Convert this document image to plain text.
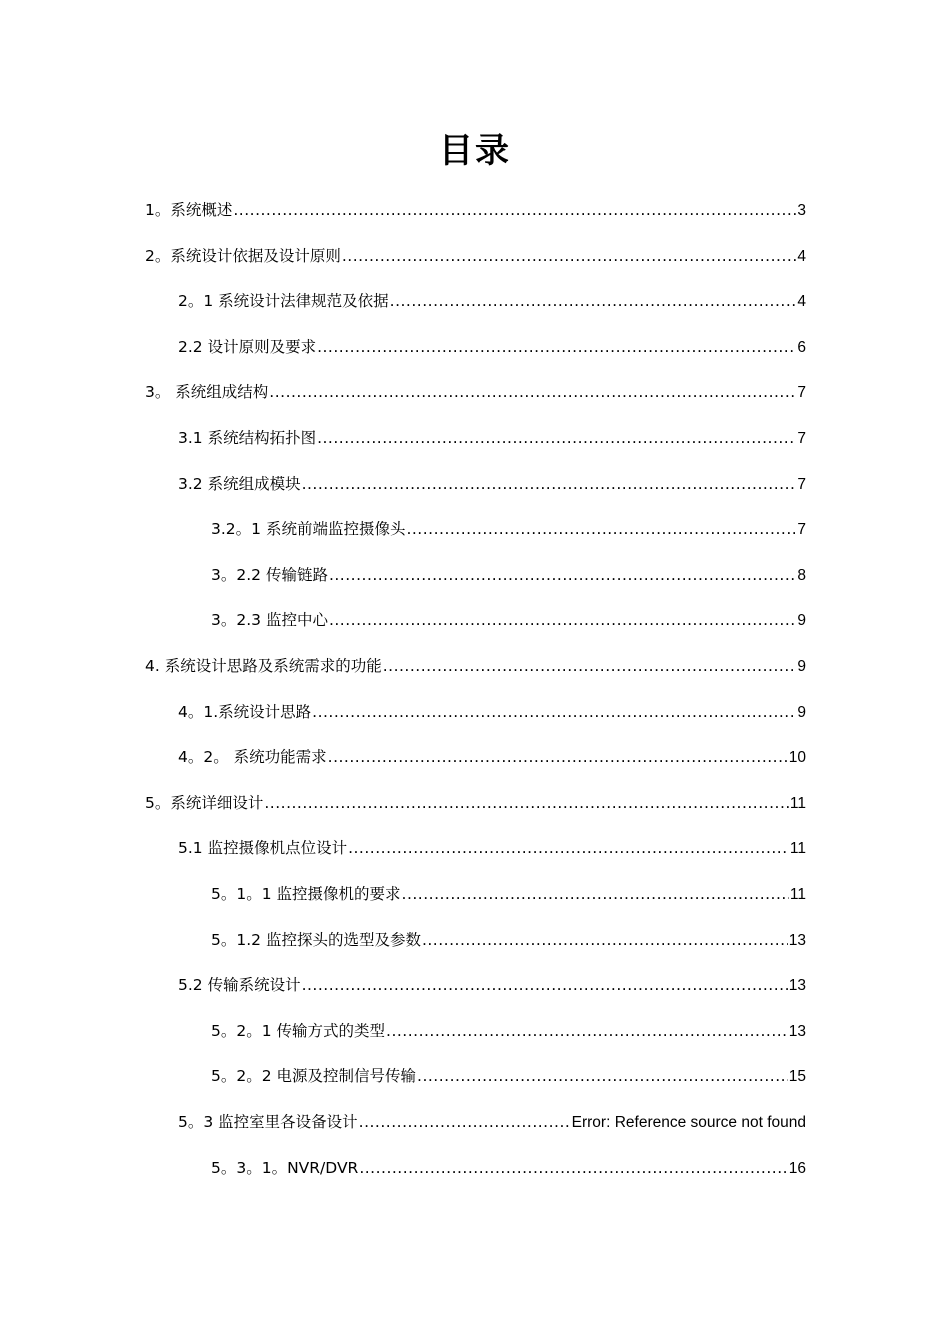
目录
1。系统概述 .....	3
2。系统设计依据及设计原则 .....	4
2。1 系统设计法律规范及依据 .....	4
2.2 设计原则及要求 .....	6
3。 系统组成结构 .....	7
3.1 系统结构拓扑图 .....	7
3.2 系统组成模块 .....	7
3.2。1 系统前端监控摄像头 .....	7
3。2.2 传输链路 .....	8
3。2.3 监控中心 .....	9
4. 系统设计思路及系统需求的功能 .....	9
4。1.系统设计思路 .....	9
4。2。 系统功能需求 .....	10
5。系统详细设计 .....	11
5.1 监控摄像机点位设计 .....	11
5。1。1 监控摄像机的要求 .....	11
5。1.2 监控探头的选型及参数 .....	13
5.2 传输系统设计 .....	13
5。2。1 传输方式的类型 .....	13
5。2。2 电源及控制信号传输 .....	15
5。3 监控室里各设备设计 .....	Error: Reference source not found
5。3。1。NVR/DVR .....	16
